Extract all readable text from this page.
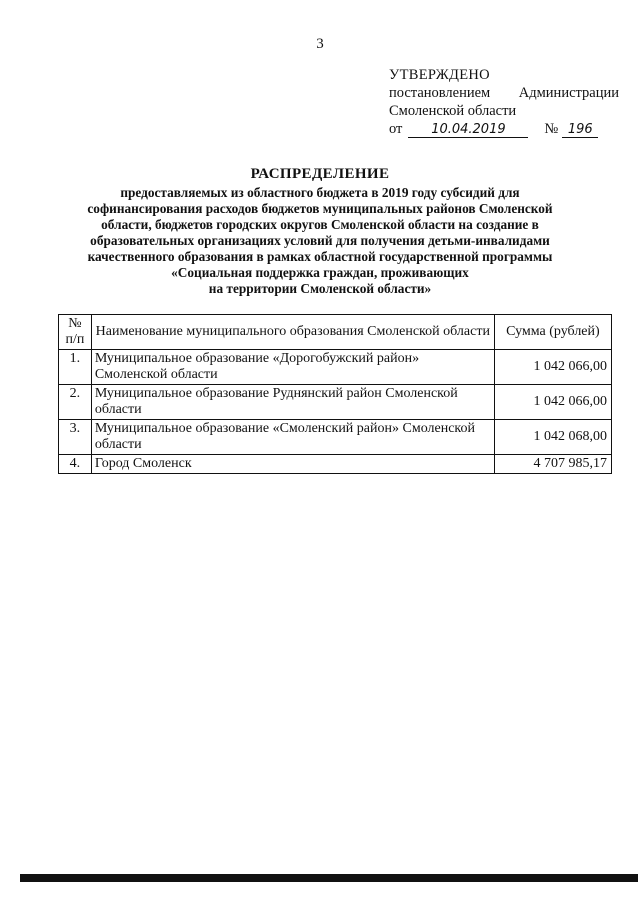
3
УТВЕРЖДЕНО
постановлением Администрации
Смоленской области
от	10.04.2019	№ 196
РАСПРЕДЕЛЕНИЕ
предоставляемых из областного бюджета в 2019 году субсидий для
софинансирования расходов бюджетов муниципальных районов Смоленской
области, бюджетов городских округов Смоленской области на создание в
образовательных организациях условий для получения детьми-инвалидами
качественного образования в рамках областной государственной программы
«Социальная поддержка граждан, проживающих
на территории Смоленской области»
№ п/п	Наименование муниципального образования Смоленской области	Сумма (рублей)
1.	Муниципальное образование «Дорогобужский район» Смоленской области	1 042 066,00
2.	Муниципальное образование Руднянский район Смоленской области	1 042 066,00
3.	Муниципальное образование «Смоленский район» Смоленской области	1 042 068,00
4.	Город Смоленск	4 707 985,17
